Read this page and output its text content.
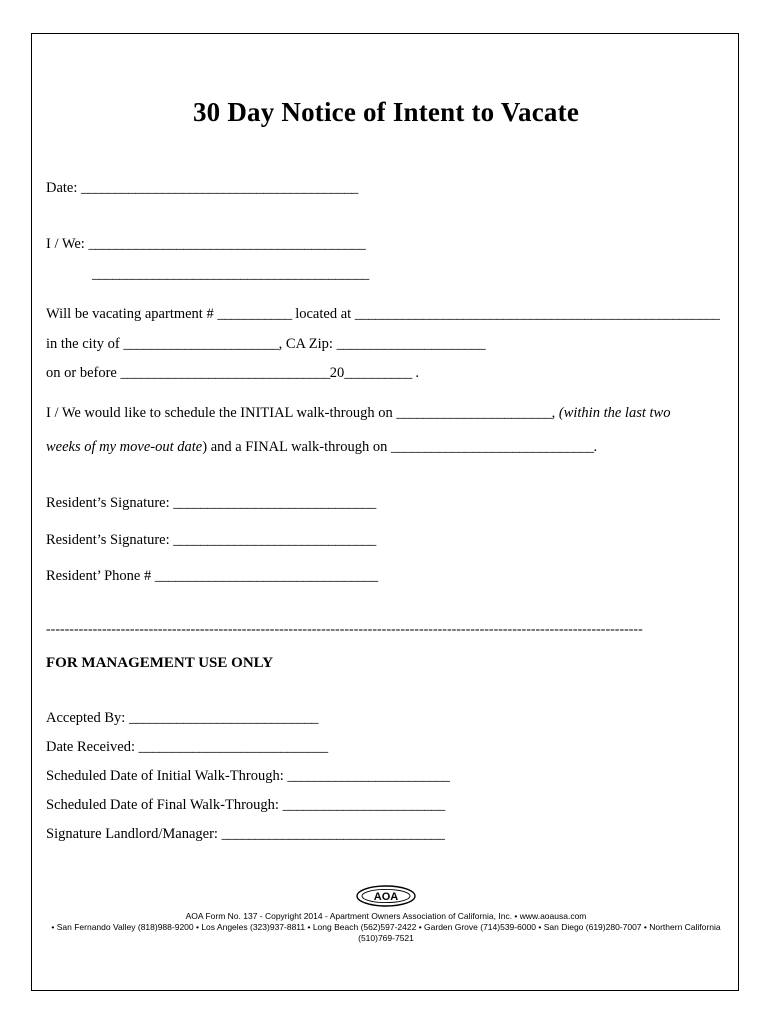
30 Day Notice of Intent to Vacate
Date: _________________________________________
I / We: _________________________________________
_________________________________________
Will be vacating apartment # ___________ located at ______________________________________________________
in the city of _______________________, CA Zip: ______________________
on or before _______________________________20__________ .
I / We would like to schedule the INITIAL walk-through on _______________________, (within the last two
weeks of my move-out date) and a FINAL walk-through on ______________________________.
Resident’s Signature: ______________________________
Resident’s Signature: ______________________________
Resident’ Phone # _________________________________
--------------------------------------------------------------------------------------------------------------------------------
FOR MANAGEMENT USE ONLY
Accepted By: ____________________________
Date Received: ____________________________
Scheduled Date of Initial Walk-Through: ________________________
Scheduled Date of Final Walk-Through: ________________________
Signature Landlord/Manager: _________________________________
AOA
AOA Form No. 137 - Copyright 2014 - Apartment Owners Association of California, Inc. • www.aoausa.com
• San Fernando Valley (818)988-9200 • Los Angeles (323)937-8811 • Long Beach (562)597-2422 • Garden Grove (714)539-6000 • San Diego (619)280-7007 • Northern California (510)769-7521
